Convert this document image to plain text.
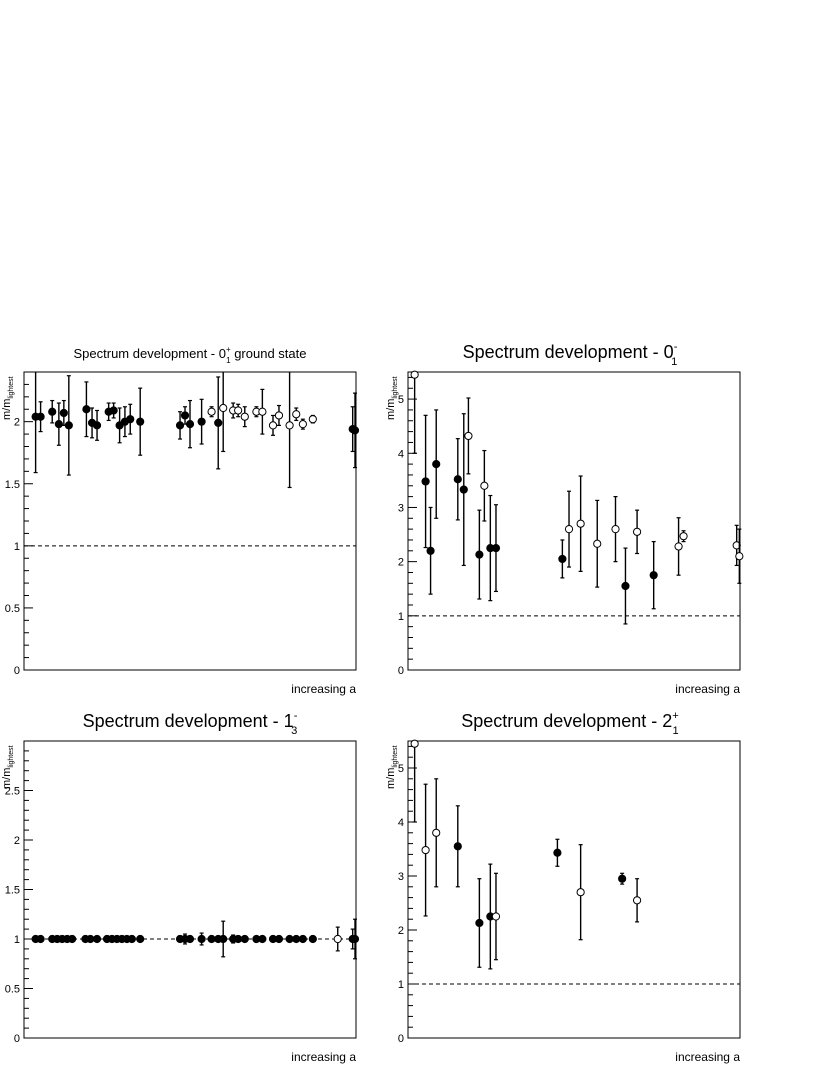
0
0.5
1
1.5
2
Spectrum development - 0+ 1 ground state
$m/m_{lightest}$
increasing a
0
1
2
3
4
5
Spectrum development - 0-1
$m/m_{lightest}$
increasing a
0
0.5
1
1.5
2
2.5
Spectrum development - 1-3
$m/m_{lightest}$
increasing a
0
1
2
3
4
5
Spectrum development - 2+ 1
$m/m_{lightest}$
increasing a
